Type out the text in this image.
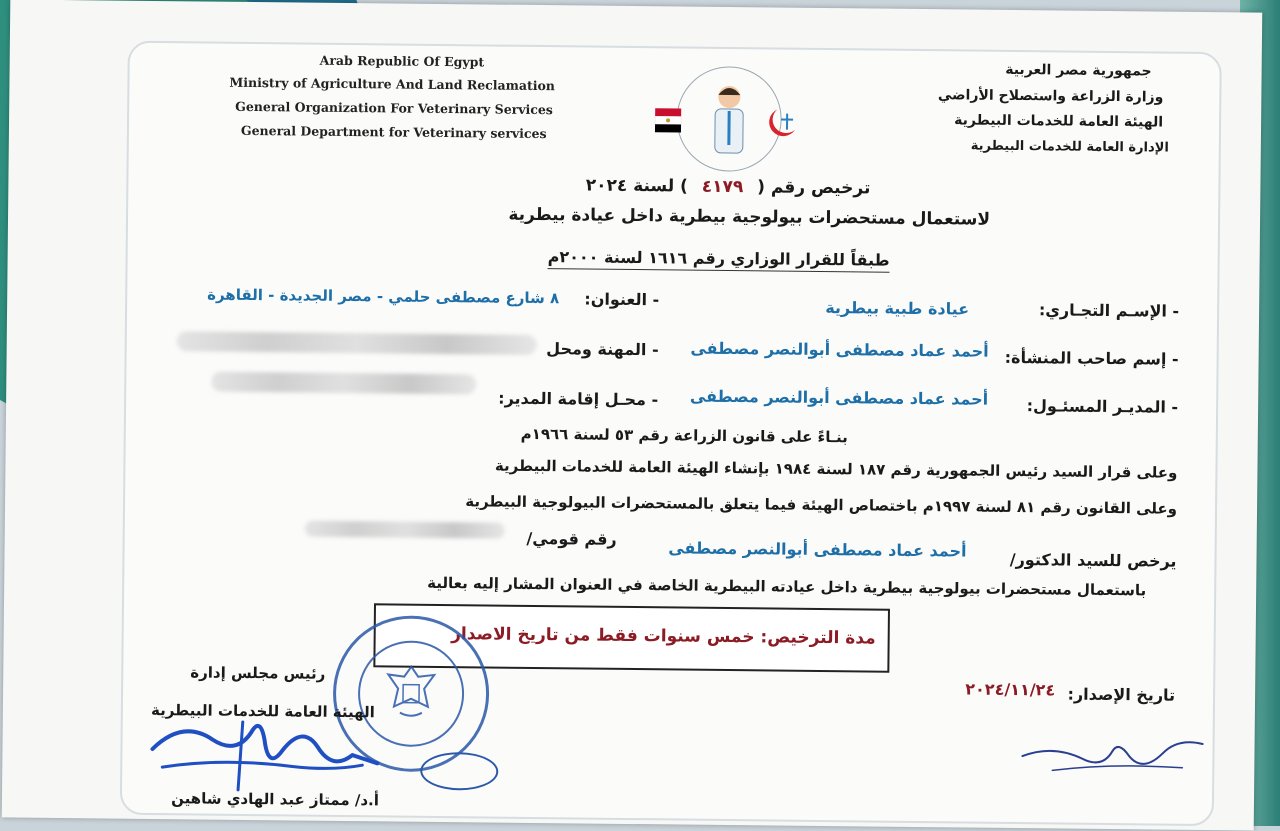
Arab Republic Of Egypt
Ministry of Agriculture And Land Reclamation
General Organization For Veterinary Services
General Department for Veterinary services
جمهورية مصر العربية
وزارة الزراعة واستصلاح الأراضي
الهيئة العامة للخدمات البيطرية
الإدارة العامة للخدمات البيطرية
ترخيص رقم ( ٤١٧٩ ) لسنة ٢٠٢٤
لاستعمال مستحضرات بيولوجية بيطرية داخل عيادة بيطرية
طبقاً للقرار الوزاري رقم ١٦١٦ لسنة ٢٠٠٠م
- الإسـم التجـاري:
عيادة طبية بيطرية
- العنوان:
٨ شارع مصطفى حلمي - مصر الجديدة - القاهرة
- إسم صاحب المنشأة:
أحمد عماد مصطفى أبوالنصر مصطفى
- المهنة ومحل
- المديـر المسئـول:
أحمد عماد مصطفى أبوالنصر مصطفى
- محـل إقامة المدير:
بنـاءً على قانون الزراعة رقم ٥٣ لسنة ١٩٦٦م
وعلى قرار السيد رئيس الجمهورية رقم ١٨٧ لسنة ١٩٨٤ بإنشاء الهيئة العامة للخدمات البيطرية
وعلى القانون رقم ٨١ لسنة ١٩٩٧م باختصاص الهيئة فيما يتعلق بالمستحضرات البيولوجية البيطرية
يرخص للسيد الدكتور/
أحمد عماد مصطفى أبوالنصر مصطفى
رقم قومي/
باستعمال مستحضرات بيولوجية بيطرية داخل عيادته البيطرية الخاصة في العنوان المشار إليه بعالية
مدة الترخيص: خمس سنوات فقط من تاريخ الاصدار
رئيس مجلس إدارة
الهيئة العامة للخدمات البيطرية
أ.د/ ممتاز عبد الهادي شاهين
تاريخ الإصدار:
٢٠٢٤/١١/٢٤
